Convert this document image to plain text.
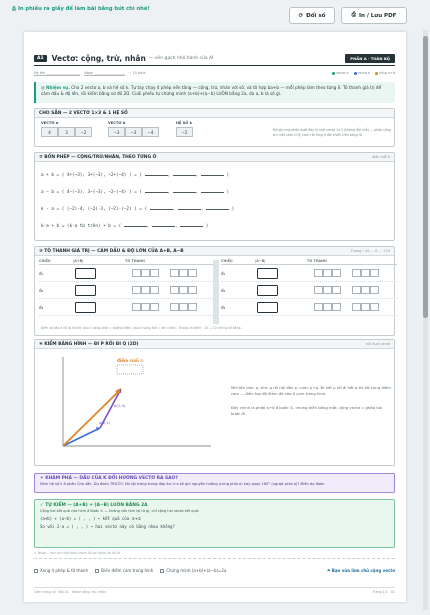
⎙ In phiếu ra giấy để làm bài bằng bút chì nhé!
⟳ Đổi số	⎙ In / Lưu PDF
A1	Vectơ: cộng, trừ, nhân — vẽn gạch nhỏ hành của AI	PHẦN A · TOÀN BỘ
Họ tên ____________________ Ngày __________________ ~ 15 phút	vectơ a	vectơ b	tổng a+b
◎ Nhiệm vụ. Cho 2 vectơ a, b và hệ số k. Tự tay chạy 4 phép nền tảng — cộng, trừ, nhân với số, và tô hợp ba+b — mỗi phép làm theo từng ô. Tô thanh giá trị để cảm dấu & độ lớn, rồi kiểm bằng sơ đồ 2D. Cuối phiếu tự chứng minh (a+b)+(a−b) LUÔN bằng 2a, dù a, b là số gì.
CHO SẴN — 2 VECTƠ 1×3 & 1 HỆ SỐ
VECTƠ a
4	3	−2
VECTƠ b
−3	−3	−4
HỆ SỐ k
−2	Để giữ mọi phép dưới đây là một vectơ 1×3 (không đổi chỗ) — phép cộng trừ một cách tỉ lệ, tách rời từng ô đối chiếu trên bảng lô.
② BỐN PHÉP — CỘNG/TRỪ/NHÂN, THEO TỪNG Ô	điền mỗi ô
a + b = ( 4+(−3), 3+(−3), −2+(−4) ) = (	,	,	)
a − b = ( 4−(−3), 3−(−3), −2−(−4) ) = (	,	,	)
k · a = ( (−2)·4, (−2)·3, (−2)·(−2) ) = (	,	,	)
k·a + b = (k·a từ trên) + b = (	,	,	)
③ TÔ THANH GIÁ TRỊ — CẢM DẤU & ĐỘ LỚN CỦA A+B, A−B	Thang −10 … 0 … +10
CHIỀU	|A+B|	TÔ THANH
d₁
d₂
d₃
CHIỀU	|A−B|	TÔ THANH
d₁
d₂
d₃
Điền số vào ô rồi tô thanh: qua 0 sang phải = dương (bên), qua 0 sang trái = âm (cam). Thang chỉ định · 10 → 10 nhé tự tô bằng.
④ KIỂM BẰNG HÌNH — ĐI P RỒI ĐI Q (2D)	nối đuôi vectơ
điểm cuối ①
p(1,4)
q(2,1)
Mũi tên lam: p, tím: q rồi nối đầu p, cam: p+q. Đi hết p rồi đi hết q thì tới cùng điểm cam — điển toạ độ điểm đó vào ô cam trong hình.
Đây chính là phép a+b ở bước ①, nhưng diễn bằng mắt: cộng vectơ = ghép hai bước đi.
✦ KHÁM PHÁ — DẤU CỦA K ĐỔI HƯỚNG VECTƠ RA SAO?
Nhìn hệ số k ở phần Cho sẵn. Dự đoán TRƯỚC khi lật trang trong đáp án: k·a sẽ giữ nguyên hướng (cùng phía a) hay quay 180° (ngược phía a)? Điền dự đoán
✓ TỰ KIỂM — (A+B) + (A−B) LUÔN BẰNG 2A
Cộng hai kết quả của hình ở Bước ① — không cần tính lại từ gì, chỉ cộng hai vectơ kết quả:
(a+b) + (a−b) = ( , , ) ← kết quả của ①+①
So với 2·a = ( , , ) → hai vectơ này có bằng nhau không?
✎ Nháp – nếu ghi nhớ hoặc tránh lỗi sai bằng lời lãi từ
Xong 4 phép & tô thanh	Điền điểm cam trong hình	Chứng minh (a+b)+(a−b)=2a	⚑ Bạn vừa làm chủ cộng vectơ
Cảm trang cổ · Bài A1 · Vectơ cộng, trừ, nhân	Trang 1/1 · A1
